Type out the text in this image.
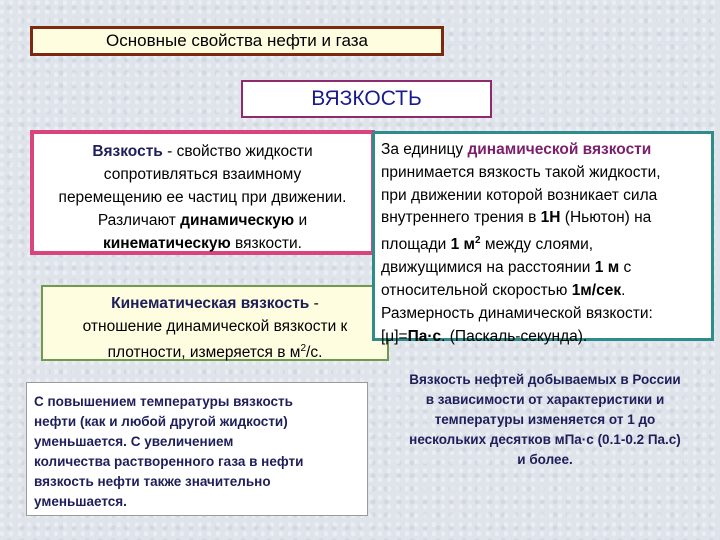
Основные свойства нефти и газа
ВЯЗКОСТЬ
Вязкость - свойство жидкости
сопротивляться взаимному
перемещению ее частиц при движении.
Различают динамическую и
кинематическую вязкости.
За единицу динамической вязкости
принимается вязкость такой жидкости,
при движении которой возникает сила
внутреннего трения в 1Н (Ньютон) на
площади 1 $м^2$ между слоями,
движущимися на расстоянии 1 м с
относительной скоростью 1м/сек.
Размерность динамической вязкости:
[μ]=Па·с. (Паскаль-секунда).
Кинематическая вязкость -
отношение динамической вязкости к
плотности, измеряется в $м^2/с$.
С повышением температуры вязкость
нефти (как и любой другой жидкости)
уменьшается. С увеличением
количества растворенного газа в нефти
вязкость нефти также значительно
уменьшается.
Вязкость нефтей добываемых в России
в зависимости от характеристики и
температуры изменяется от 1 до
нескольких десятков мПа·с (0.1-0.2 Па.с)
и более.
